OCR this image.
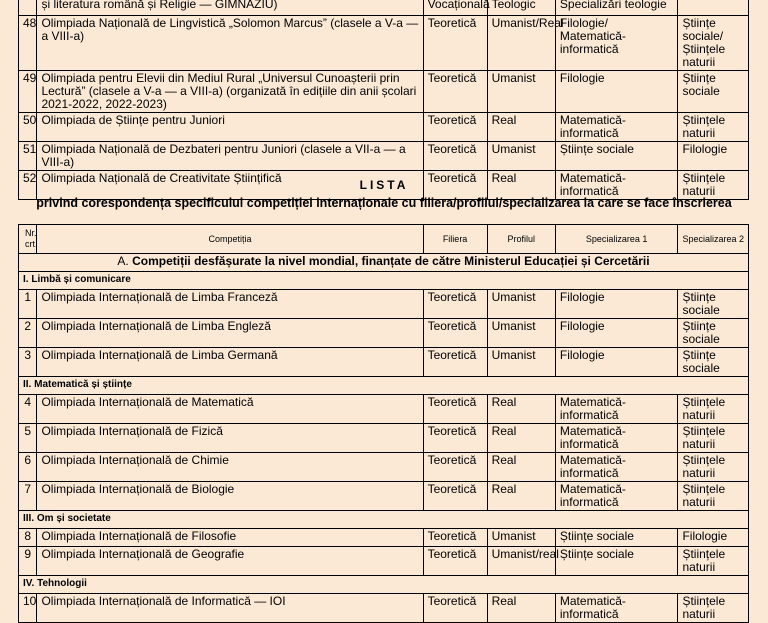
	și literatura română și Religie — GIMNAZIU)	Vocațională	Teologic	Specializări teologie	
48	Olimpiada Națională de Lingvistică „Solomon Marcus” (clasele a V-a — a VIII-a)	Teoretică	Umanist/Real	Filologie/ Matematică-informatică	Științe sociale/ Științele naturii
49	Olimpiada pentru Elevii din Mediul Rural „Universul Cunoașterii prin Lectură” (clasele a V-a — a VIII-a) (organizată în edițiile din anii școlari 2021-2022, 2022-2023)	Teoretică	Umanist	Filologie	Științe sociale
50	Olimpiada de Științe pentru Juniori	Teoretică	Real	Matematică-informatică	Științele naturii
51	Olimpiada Națională de Dezbateri pentru Juniori (clasele a VII-a — a VIII-a)	Teoretică	Umanist	Științe sociale	Filologie
52	Olimpiada Națională de Creativitate Științifică	Teoretică	Real	Matematică-informatică	Științele naturii
LISTA
privind corespondența specificului competiției internaționale cu filiera/profilul/specializarea la care se face înscrierea
Nr. crt.	Competiția	Filiera	Profilul	Specializarea 1	Specializarea 2
A. Competiții desfășurate la nivel mondial, finanțate de către Ministerul Educației și Cercetării					
I. Limbă și comunicare					
1	Olimpiada Internațională de Limba Franceză	Teoretică	Umanist	Filologie	Științe sociale
2	Olimpiada Internațională de Limba Engleză	Teoretică	Umanist	Filologie	Științe sociale
3	Olimpiada Internațională de Limba Germană	Teoretică	Umanist	Filologie	Științe sociale
II. Matematică și științe					
4	Olimpiada Internațională de Matematică	Teoretică	Real	Matematică-informatică	Științele naturii
5	Olimpiada Internațională de Fizică	Teoretică	Real	Matematică-informatică	Științele naturii
6	Olimpiada Internațională de Chimie	Teoretică	Real	Matematică-informatică	Științele naturii
7	Olimpiada Internațională de Biologie	Teoretică	Real	Matematică-informatică	Științele naturii
III. Om și societate					
8	Olimpiada Internațională de Filosofie	Teoretică	Umanist	Științe sociale	Filologie
9	Olimpiada Internațională de Geografie	Teoretică	Umanist/real	Științe sociale	Științele naturii
IV. Tehnologii					
10	Olimpiada Internațională de Informatică — IOI	Teoretică	Real	Matematică-informatică	Științele naturii
